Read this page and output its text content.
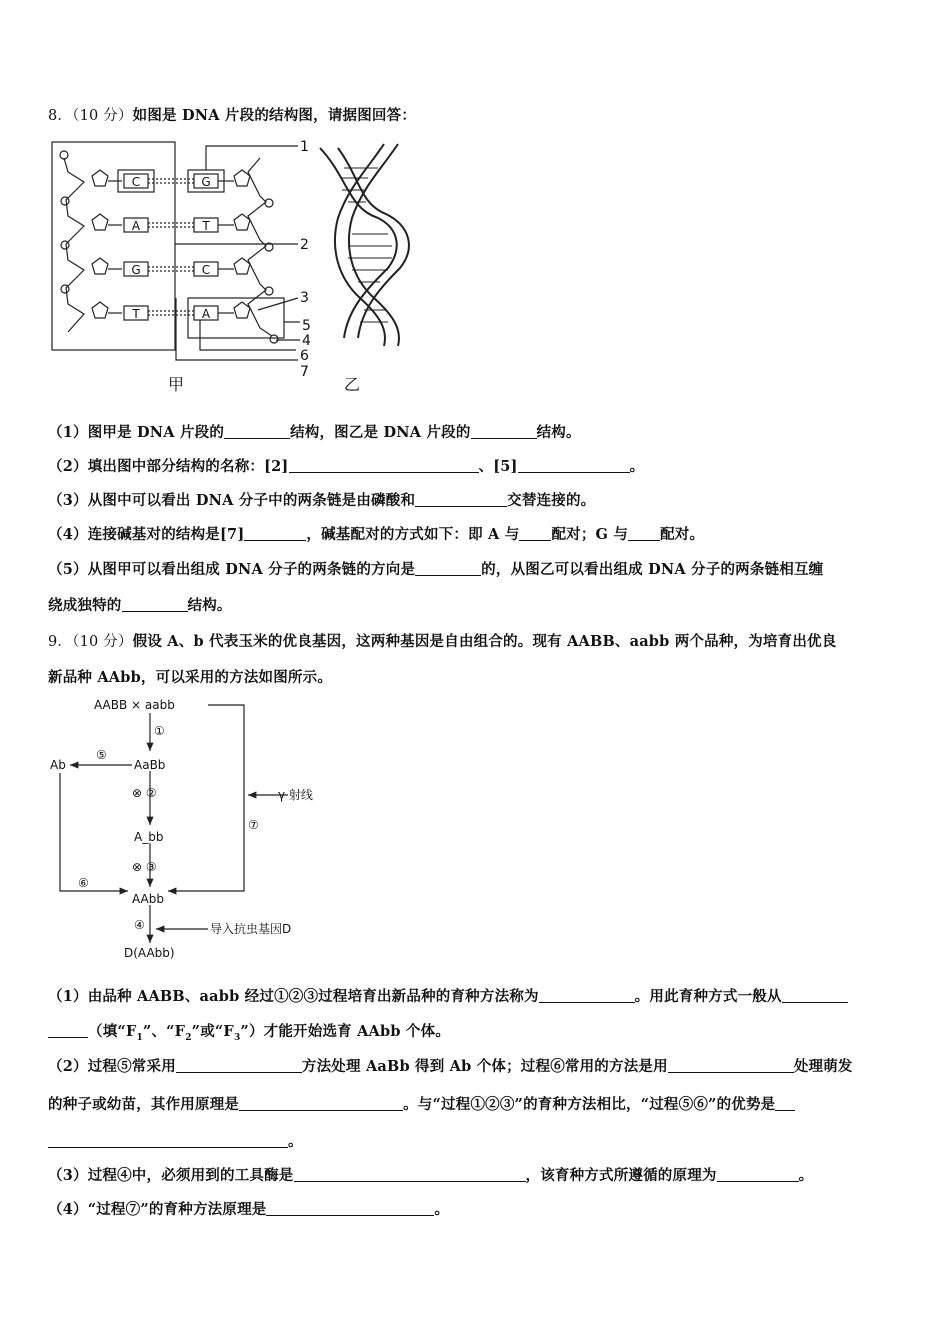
8．（10 分）如图是 DNA 片段的结构图，请据图回答：
C
A
G
T
G
T
C
A
1
2
3
5
4
6
7
甲	乙
（1）图甲是 DNA 片段的	结构，图乙是 DNA 片段的	结构。
（2）填出图中部分结构的名称：[2]	、[5]	。
（3）从图中可以看出 DNA 分子中的两条链是由磷酸和	交替连接的。
（4）连接碱基对的结构是[7]	，碱基配对的方式如下：即 A 与 配对；G 与 配对。
（5）从图甲可以看出组成 DNA 分子的两条链的方向是	的，从图乙可以看出组成 DNA 分子的两条链相互缠
绕成独特的	结构。
9．（10 分）假设 A、b 代表玉米的优良基因，这两种基因是自由组合的。现有 AABB、aabb 两个品种，为培育出优良
新品种 AAbb，可以采用的方法如图所示。
AABB × aabb
①
AaBb
Ab
⑤
⊗ ②
A_bb
⊗ ③
AAbb
⑥
⑦
γ 射线
④	导入抗虫基因D
D(AAbb)
（1）由品种 AABB、aabb 经过①②③过程培育出新品种的育种方法称为	。用此育种方式一般从
（填“$F_1$”、“$F_2$”或“$F_3$”）才能开始选育 AAbb 个体。
（2）过程⑤常采用	方法处理 AaBb 得到 Ab 个体；过程⑥常用的方法是用	处理萌发
的种子或幼苗，其作用原理是	。与“过程①②③”的育种方法相比，“过程⑤⑥”的优势是
。
（3）过程④中，必须用到的工具酶是	，该育种方式所遵循的原理为	。
（4）“过程⑦”的育种方法原理是	。
